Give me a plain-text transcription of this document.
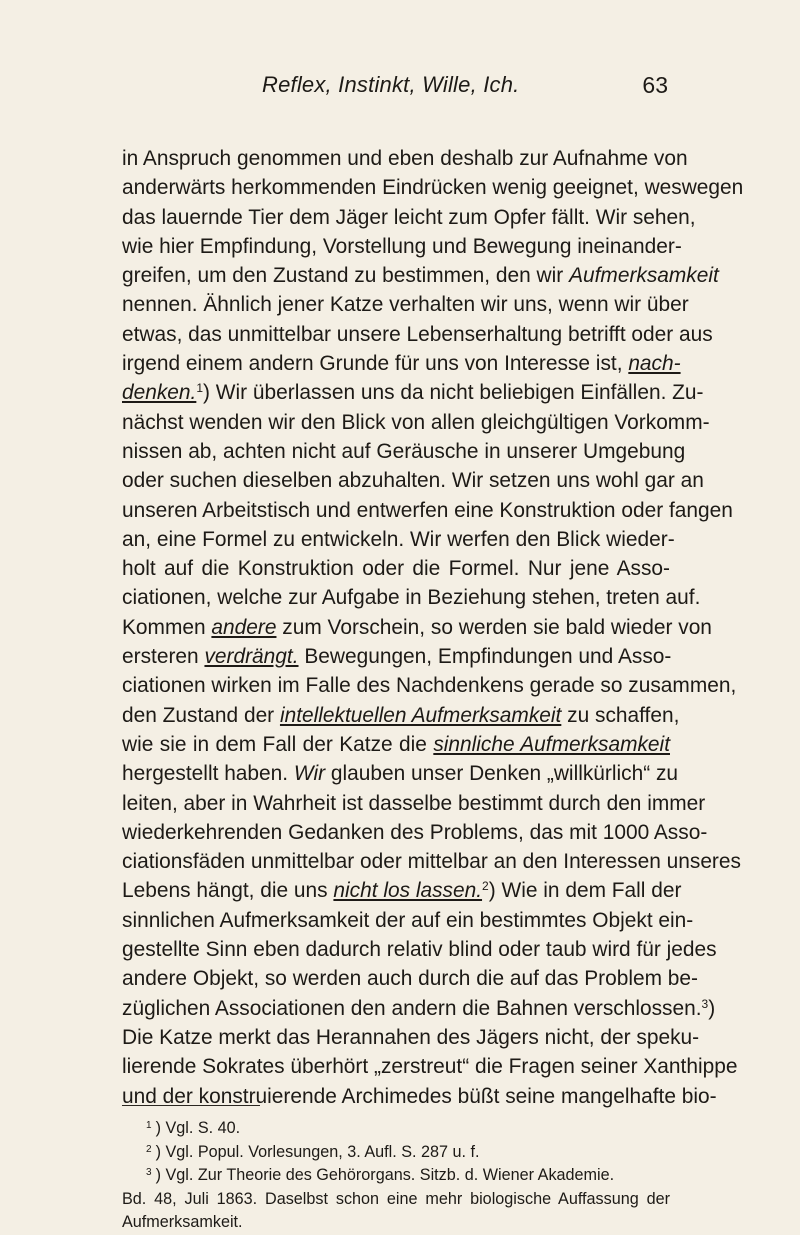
Reflex, Instinkt, Wille, Ich.	63
in Anspruch genommen und eben deshalb zur Aufnahme von
anderwärts herkommenden Eindrücken wenig geeignet, weswegen
das lauernde Tier dem Jäger leicht zum Opfer fällt. Wir sehen,
wie hier Empfindung, Vorstellung und Bewegung ineinander-
greifen, um den Zustand zu bestimmen, den wir Aufmerksamkeit
nennen. Ähnlich jener Katze verhalten wir uns, wenn wir über
etwas, das unmittelbar unsere Lebenserhaltung betrifft oder aus
irgend einem andern Grunde für uns von Interesse ist, nach-
denken.$^1$) Wir überlassen uns da nicht beliebigen Einfällen. Zu-
nächst wenden wir den Blick von allen gleichgültigen Vorkomm-
nissen ab, achten nicht auf Geräusche in unserer Umgebung
oder suchen dieselben abzuhalten. Wir setzen uns wohl gar an
unseren Arbeitstisch und entwerfen eine Konstruktion oder fangen
an, eine Formel zu entwickeln. Wir werfen den Blick wieder-
holt auf die Konstruktion oder die Formel. Nur jene Asso-
ciationen, welche zur Aufgabe in Beziehung stehen, treten auf.
Kommen andere zum Vorschein, so werden sie bald wieder von
ersteren verdrängt. Bewegungen, Empfindungen und Asso-
ciationen wirken im Falle des Nachdenkens gerade so zusammen,
den Zustand der intellektuellen Aufmerksamkeit zu schaffen,
wie sie in dem Fall der Katze die sinnliche Aufmerksamkeit
hergestellt haben. Wir glauben unser Denken „willkürlich“ zu
leiten, aber in Wahrheit ist dasselbe bestimmt durch den immer
wiederkehrenden Gedanken des Problems, das mit 1000 Asso-
ciationsfäden unmittelbar oder mittelbar an den Interessen unseres
Lebens hängt, die uns nicht los lassen.$^2$) Wie in dem Fall der
sinnlichen Aufmerksamkeit der auf ein bestimmtes Objekt ein-
gestellte Sinn eben dadurch relativ blind oder taub wird für jedes
andere Objekt, so werden auch durch die auf das Problem be-
züglichen Associationen den andern die Bahnen verschlossen.$^3$)
Die Katze merkt das Herannahen des Jägers nicht, der speku-
lierende Sokrates überhört „zerstreut“ die Fragen seiner Xanthippe
und der konstruierende Archimedes büßt seine mangelhafte bio-
$^1$ ) Vgl. S. 40.
$^2$ ) Vgl. Popul. Vorlesungen, 3. Aufl. S. 287 u. f.
$^3$ ) Vgl. Zur Theorie des Gehörorgans. Sitzb. d. Wiener Akademie.
Bd. 48, Juli 1863. Daselbst schon eine mehr biologische Auffassung der
Aufmerksamkeit.
